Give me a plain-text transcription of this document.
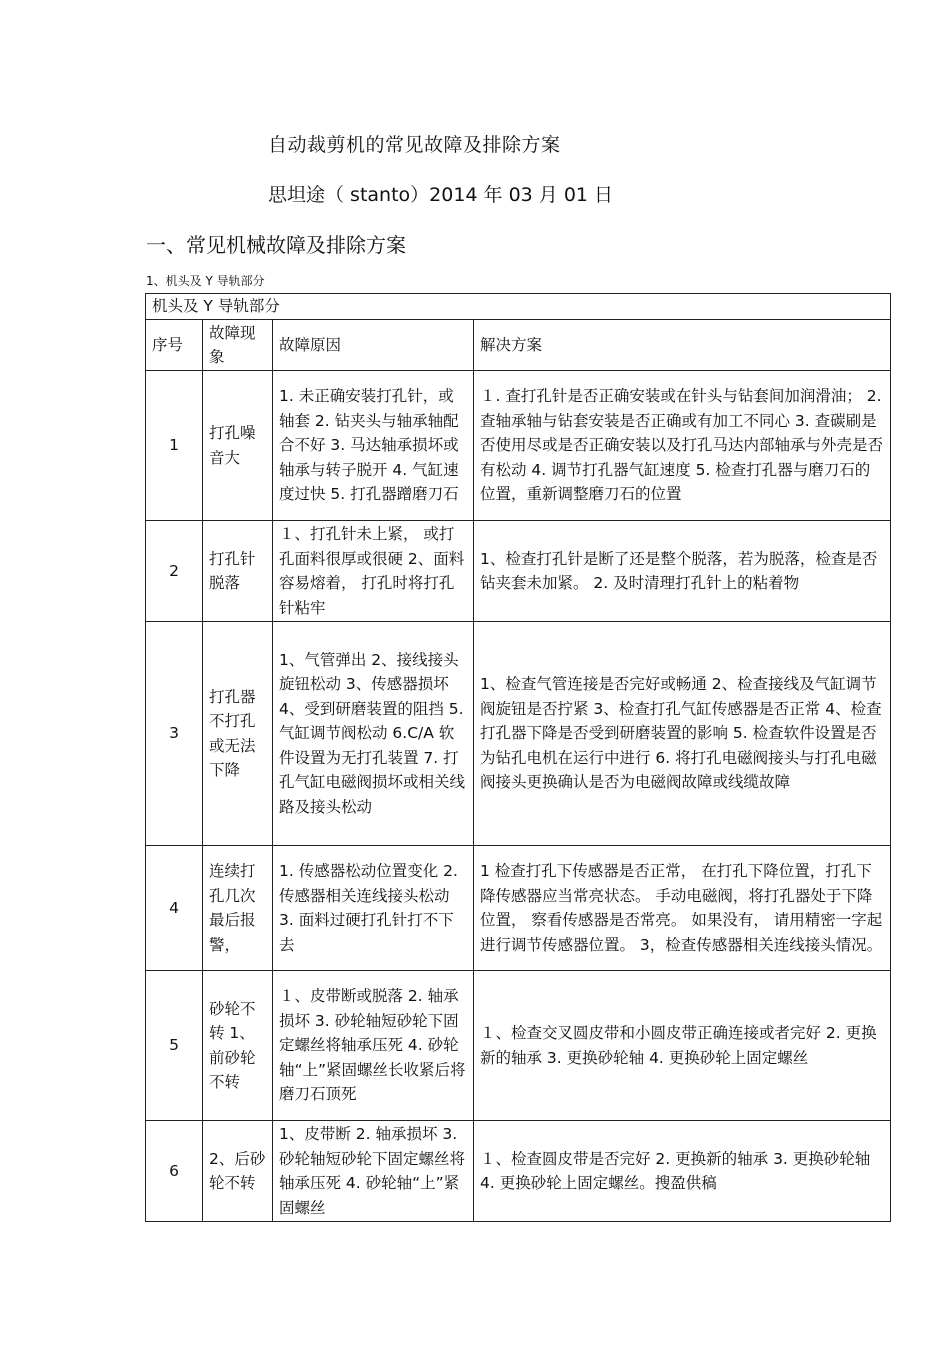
自动裁剪机的常见故障及排除方案
思坦途（ stanto）2014 年 03 月 01 日
一、常见机械故障及排除方案
1、机头及 Y 导轨部分
机头及 Y 导轨部分			
序号	故障现象	故障原因	解决方案
1	打孔噪音大	1. 未正确安装打孔针，或轴套 2. 钻夹头与轴承轴配合不好 3. 马达轴承损坏或轴承与转子脱开 4. 气缸速度过快 5. 打孔器蹭磨刀石	１. 查打孔针是否正确安装或在针头与钻套间加润滑油； 2. 查轴承轴与钻套安装是否正确或有加工不同心 3. 查碳刷是否使用尽或是否正确安装以及打孔马达内部轴承与外壳是否有松动 4. 调节打孔器气缸速度 5. 检查打孔器与磨刀石的位置，重新调整磨刀石的位置
2	打孔针脱落	１、打孔针未上紧， 或打孔面料很厚或很硬 2、面料容易熔着， 打孔时将打孔针粘牢	1、检查打孔针是断了还是整个脱落，若为脱落，检查是否钻夹套未加紧。 2. 及时清理打孔针上的粘着物
3	打孔器不打孔或无法下降	1、气管弹出 2、接线接头旋钮松动 3、传感器损坏 4、受到研磨装置的阻挡 5. 气缸调节阀松动 6.C/A 软件设置为无打孔装置 7. 打孔气缸电磁阀损坏或相关线路及接头松动	1、检查气管连接是否完好或畅通 2、检查接线及气缸调节阀旋钮是否拧紧 3、检查打孔气缸传感器是否正常 4、检查打孔器下降是否受到研磨装置的影响 5. 检查软件设置是否为钻孔电机在运行中进行 6. 将打孔电磁阀接头与打孔电磁阀接头更换确认是否为电磁阀故障或线缆故障
4	连续打孔几次最后报警，	1. 传感器松动位置变化 2. 传感器相关连线接头松动 3. 面料过硬打孔针打不下去	1 检查打孔下传感器是否正常， 在打孔下降位置，打孔下降传感器应当常亮状态。 手动电磁阀，将打孔器处于下降位置， 察看传感器是否常亮。 如果没有， 请用精密一字起进行调节传感器位置。 3，检查传感器相关连线接头情况。
5	砂轮不转 1、前砂轮不转	１、皮带断或脱落 2. 轴承损坏 3. 砂轮轴短砂轮下固定螺丝将轴承压死 4. 砂轮轴“上”紧固螺丝长收紧后将磨刀石顶死	１、检查交叉圆皮带和小圆皮带正确连接或者完好 2. 更换新的轴承 3. 更换砂轮轴 4. 更换砂轮上固定螺丝
6	2、后砂轮不转	1、皮带断 2. 轴承损坏 3. 砂轮轴短砂轮下固定螺丝将轴承压死 4. 砂轮轴“上”紧固螺丝	１、检查圆皮带是否完好 2. 更换新的轴承 3. 更换砂轮轴 4. 更换砂轮上固定螺丝。搜盈供稿
